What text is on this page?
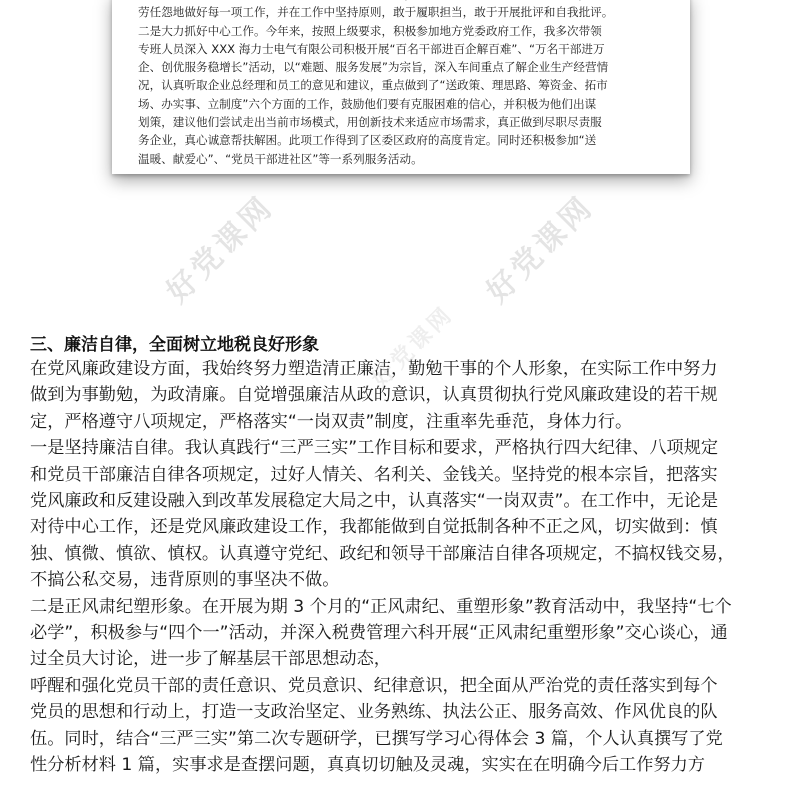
劳任怨地做好每一项工作，并在工作中坚持原则，敢于履职担当，敢于开展批评和自我批评。
二是大力抓好中心工作。今年来，按照上级要求，积极参加地方党委政府工作，我多次带领
专班人员深入 XXX 海力士电气有限公司积极开展“百名干部进百企解百难”、“万名干部进万
企、创优服务稳增长”活动，以“难题、服务发展”为宗旨，深入车间重点了解企业生产经营情
况，认真听取企业总经理和员工的意见和建议，重点做到了“送政策、理思路、筹资金、拓市
场、办实事、立制度”六个方面的工作，鼓励他们要有克服困难的信心，并积极为他们出谋
划策，建议他们尝试走出当前市场模式，用创新技术来适应市场需求，真正做到尽职尽责服
务企业，真心诚意帮扶解困。此项工作得到了区委区政府的高度肯定。同时还积极参加“送
温暖、献爱心”、“党员干部进社区”等一系列服务活动。
好党课网	好党课网
好党课网
三、廉洁自律，全面树立地税良好形象
在党风廉政建设方面，我始终努力塑造清正廉洁，勤勉干事的个人形象，在实际工作中努力
做到为事勤勉，为政清廉。自觉增强廉洁从政的意识，认真贯彻执行党风廉政建设的若干规
定，严格遵守八项规定，严格落实“一岗双责”制度，注重率先垂范，身体力行。
一是坚持廉洁自律。我认真践行“三严三实”工作目标和要求，严格执行四大纪律、八项规定
和党员干部廉洁自律各项规定，过好人情关、名利关、金钱关。坚持党的根本宗旨，把落实
党风廉政和反建设融入到改革发展稳定大局之中，认真落实“一岗双责”。在工作中，无论是
对待中心工作，还是党风廉政建设工作，我都能做到自觉抵制各种不正之风，切实做到：慎
独、慎微、慎欲、慎权。认真遵守党纪、政纪和领导干部廉洁自律各项规定，不搞权钱交易，
不搞公私交易，违背原则的事坚决不做。
二是正风肃纪塑形象。在开展为期 3 个月的“正风肃纪、重塑形象”教育活动中，我坚持“七个
必学”，积极参与“四个一”活动，并深入税费管理六科开展“正风肃纪重塑形象”交心谈心，通
过全员大讨论，进一步了解基层干部思想动态，
呼醒和强化党员干部的责任意识、党员意识、纪律意识，把全面从严治党的责任落实到每个
党员的思想和行动上，打造一支政治坚定、业务熟练、执法公正、服务高效、作风优良的队
伍。同时，结合“三严三实”第二次专题研学，已撰写学习心得体会 3 篇，个人认真撰写了党
性分析材料 1 篇，实事求是查摆问题，真真切切触及灵魂，实实在在明确今后工作努力方
